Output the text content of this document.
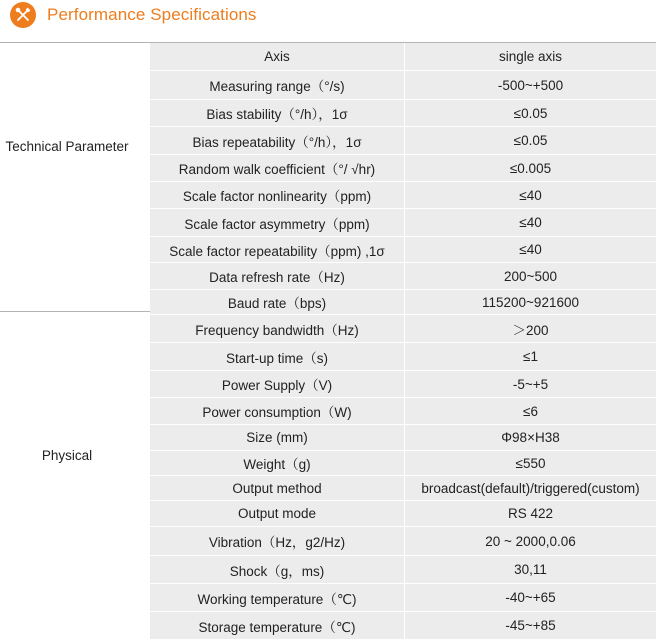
Performance Specifications
Technical Parameter
Physical
Axis	single axis
Measuring range（°/s)	-500~+500
Bias stability（°/h），1σ	≤0.05
Bias repeatability（°/h），1σ	≤0.05
Random walk coefficient（°/ √hr)	≤0.005
Scale factor nonlinearity（ppm)	≤40
Scale factor asymmetry（ppm)	≤40
Scale factor repeatability（ppm) ,1σ	≤40
Data refresh rate（Hz)	200~500
Baud rate（bps)	115200~921600
Frequency bandwidth（Hz)	＞200
Start-up time（s)	≤1
Power Supply（V)	-5~+5
Power consumption（W)	≤6
Size (mm)	Φ98×H38
Weight（g)	≤550
Output method	broadcast(default)/triggered(custom)
Output mode	RS 422
Vibration（Hz，g2/Hz)	20 ~ 2000,0.06
Shock（g，ms)	30,11
Working temperature（℃)	-40~+65
Storage temperature（℃)	-45~+85
